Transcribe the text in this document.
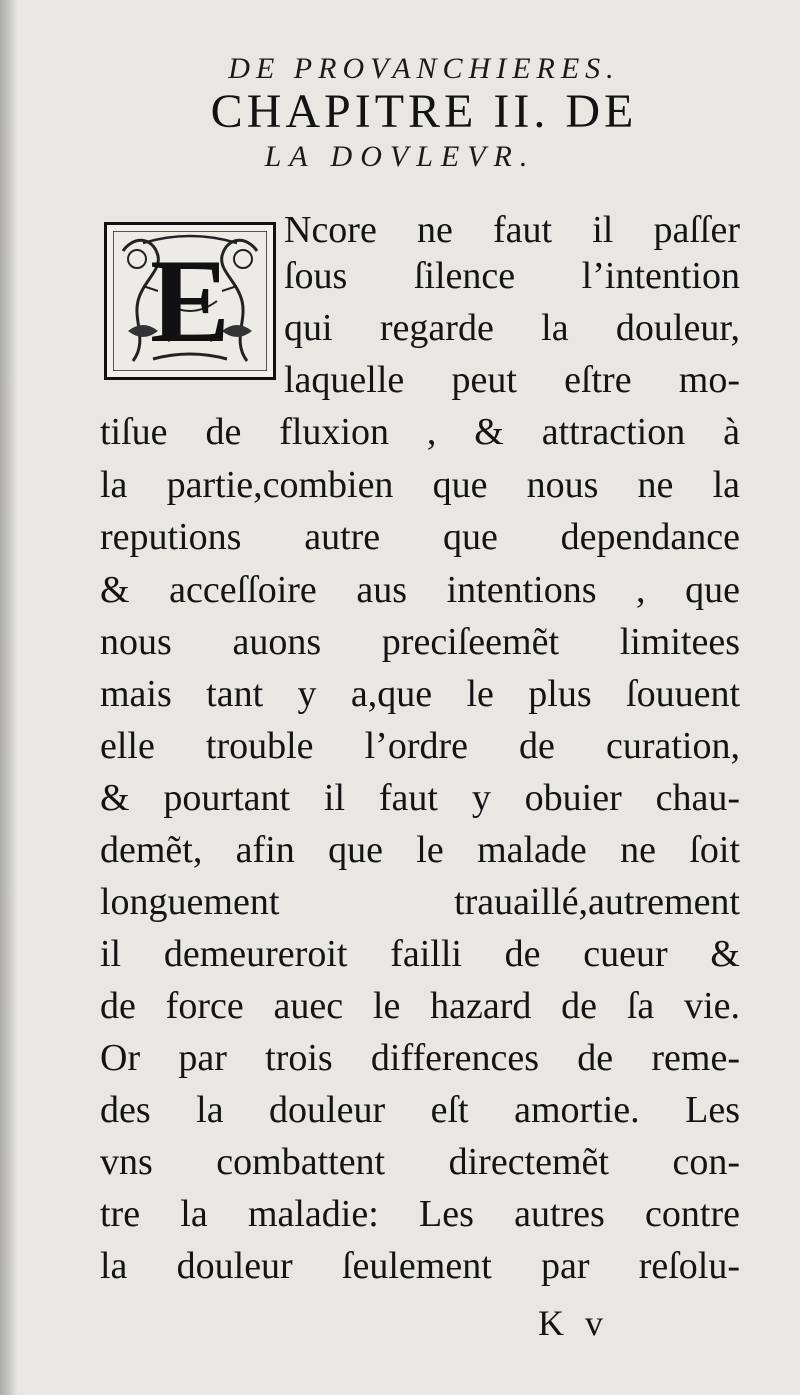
DE PROVANCHIERES.
CHAPITRE II. DE
LA DOVLEVR.
E
Ncore ne faut il paſſer
ſous ſilence l’intention
qui regarde la douleur,
laquelle peut eſtre mo-
tiſue de fluxion , & attraction à
la partie,combien que nous ne la
reputions autre que dependance
& acceſſoire aus intentions , que
nous auons preciſeemẽt limitees
mais tant y a,que le plus ſouuent
elle trouble l’ordre de curation,
& pourtant il faut y obuier chau-
demẽt, afin que le malade ne ſoit
longuement trauaillé,autrement
il demeureroit failli de cueur &
de force auec le hazard de ſa vie.
Or par trois differences de reme-
des la douleur eſt amortie. Les
vns combattent directemẽt con-
tre la maladie: Les autres contre
la douleur ſeulement par reſolu-
K v
